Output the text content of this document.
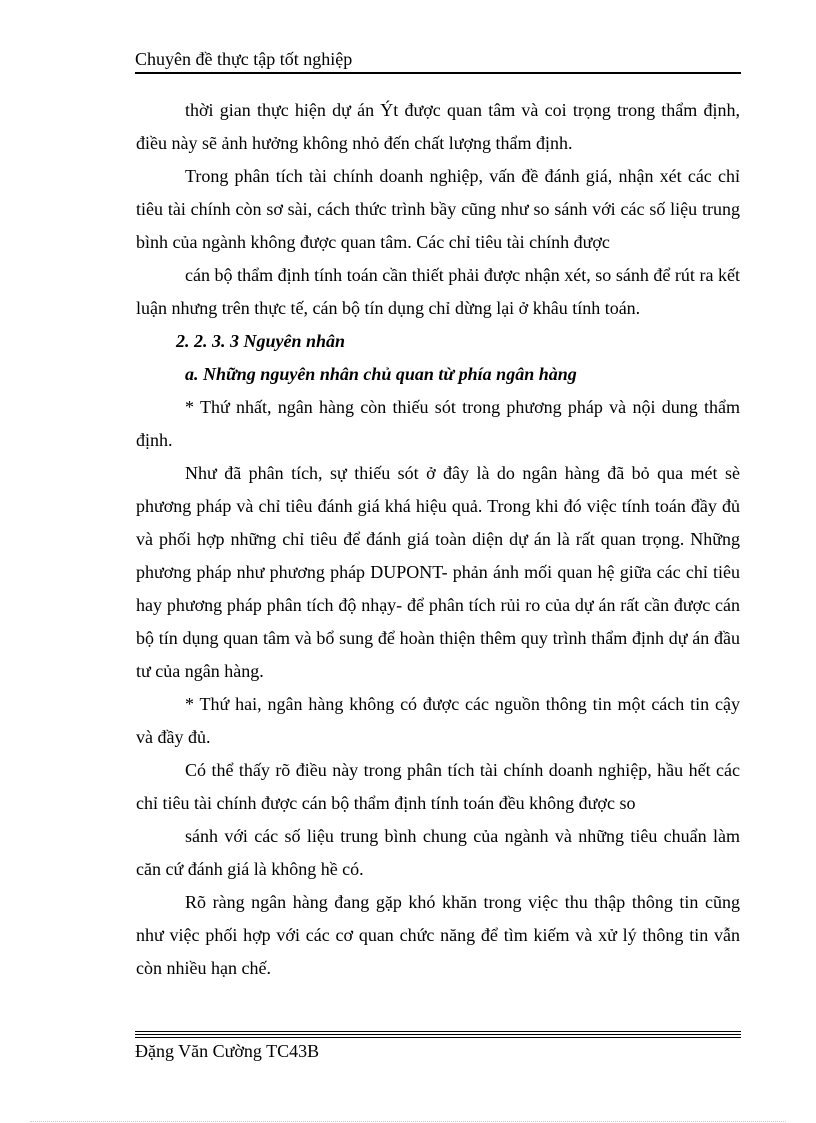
Chuyên đề thực tập tốt nghiệp

thời gian thực hiện dự án Ýt được quan tâm và coi trọng trong thẩm định, điều này sẽ ảnh hưởng không nhỏ đến chất lượng thẩm định.

Trong phân tích tài chính doanh nghiệp, vấn đề đánh giá, nhận xét các chỉ tiêu tài chính còn sơ sài, cách thức trình bầy cũng như so sánh với các số liệu trung bình của ngành không được quan tâm. Các chỉ tiêu tài chính được

cán bộ thẩm định tính toán cần thiết phải được nhận xét, so sánh để rút ra kết luận nhưng trên thực tế, cán bộ tín dụng chỉ dừng lại ở khâu tính toán.

2. 2. 3. 3 Nguyên nhân

a. Những nguyên nhân chủ quan từ phía ngân hàng

* Thứ nhất, ngân hàng còn thiếu sót trong phương pháp và nội dung thẩm định.

Như đã phân tích, sự thiếu sót ở đây là do ngân hàng đã bỏ qua mét sè phương pháp và chỉ tiêu đánh giá khá hiệu quả. Trong khi đó việc tính toán đầy đủ và phối hợp những chỉ tiêu để đánh giá toàn diện dự án là rất quan trọng. Những phương pháp như phương pháp DUPONT- phản ánh mối quan hệ giữa các chỉ tiêu hay phương pháp phân tích độ nhạy- để phân tích rủi ro của dự án rất cần được cán bộ tín dụng quan tâm và bổ sung để hoàn thiện thêm quy trình thẩm định dự án đầu tư của ngân hàng.

* Thứ hai, ngân hàng không có được các nguồn thông tin một cách tin cậy và đầy đủ.

Có thể thấy rõ điều này trong phân tích tài chính doanh nghiệp, hầu hết các chỉ tiêu tài chính được cán bộ thẩm định tính toán đều không được so

sánh với các số liệu trung bình chung của ngành và những tiêu chuẩn làm căn cứ đánh giá là không hề có.

Rõ ràng ngân hàng đang gặp khó khăn trong việc thu thập thông tin cũng như việc phối hợp với các cơ quan chức năng để tìm kiếm và xử lý thông tin vẫn còn nhiều hạn chế.

Đặng Văn Cường TC43B
